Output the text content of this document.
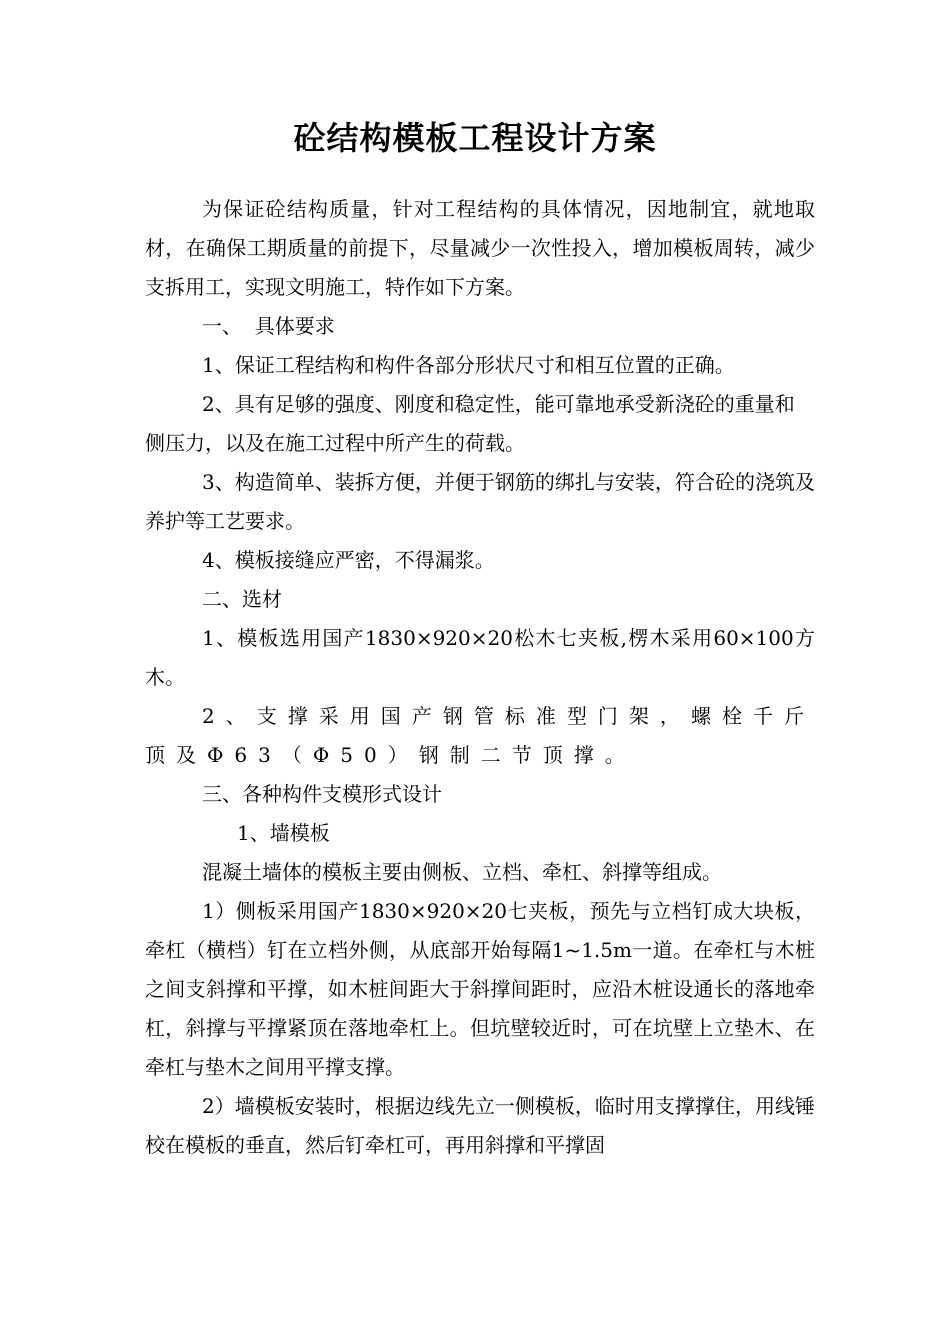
砼结构模板工程设计方案

为保证砼结构质量，针对工程结构的具体情况，因地制宜，就地取材，在确保工期质量的前提下，尽量减少一次性投入，增加模板周转，减少支拆用工，实现文明施工，特作如下方案。

一、  具体要求

1、保证工程结构和构件各部分形状尺寸和相互位置的正确。

2、具有足够的强度、刚度和稳定性，能可靠地承受新浇砼的重量和侧压力，以及在施工过程中所产生的荷载。

3、构造简单、装拆方便，并便于钢筋的绑扎与安装，符合砼的浇筑及养护等工艺要求。

4、模板接缝应严密，不得漏浆。

二、选材

1、模板选用国产1830×920×20松木七夹板,楞木采用60×100方木。

2、支撑采用国产钢管标准型门架，螺栓千斤顶及Φ63（Φ50）钢制二节顶撑。

三、各种构件支模形式设计

1、墙模板

混凝土墙体的模板主要由侧板、立档、牵杠、斜撑等组成。

1）侧板采用国产1830×920×20七夹板，预先与立档钉成大块板，牵杠（横档）钉在立档外侧，从底部开始每隔1~1.5m一道。在牵杠与木桩之间支斜撑和平撑，如木桩间距大于斜撑间距时，应沿木桩设通长的落地牵杠，斜撑与平撑紧顶在落地牵杠上。但坑壁较近时，可在坑壁上立垫木、在牵杠与垫木之间用平撑支撑。

2）墙模板安装时，根据边线先立一侧模板，临时用支撑撑住，用线锤校在模板的垂直，然后钉牵杠可，再用斜撑和平撑固
